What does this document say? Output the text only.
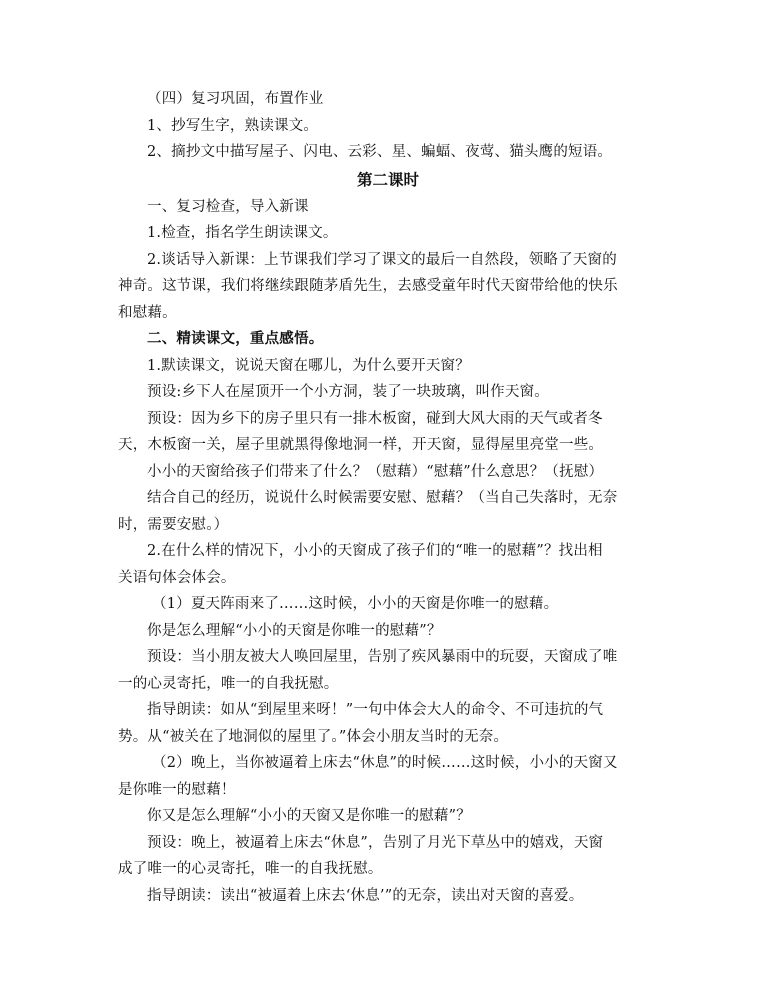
（四）复习巩固，布置作业
1、抄写生字，熟读课文。
2、摘抄文中描写屋子、闪电、云彩、星、蝙蝠、夜莺、猫头鹰的短语。
第二课时
一、复习检查，导入新课
1.检查，指名学生朗读课文。
2.谈话导入新课：上节课我们学习了课文的最后一自然段，领略了天窗的
神奇。这节课，我们将继续跟随茅盾先生，去感受童年时代天窗带给他的快乐
和慰藉。
二、精读课文，重点感悟。
1.默读课文，说说天窗在哪儿，为什么要开天窗？
预设:乡下人在屋顶开一个小方洞，装了一块玻璃，叫作天窗。
预设：因为乡下的房子里只有一排木板窗，碰到大风大雨的天气或者冬
天，木板窗一关，屋子里就黑得像地洞一样，开天窗，显得屋里亮堂一些。
小小的天窗给孩子们带来了什么？（慰藉）“慰藉”什么意思？（抚慰）
结合自己的经历，说说什么时候需要安慰、慰藉？（当自己失落时，无奈
时，需要安慰。）
2.在什么样的情况下，小小的天窗成了孩子们的“唯一的慰藉”？找出相
关语句体会体会。
（1）夏天阵雨来了……这时候，小小的天窗是你唯一的慰藉。
你是怎么理解“小小的天窗是你唯一的慰藉”？
预设：当小朋友被大人唤回屋里，告别了疾风暴雨中的玩耍，天窗成了唯
一的心灵寄托，唯一的自我抚慰。
指导朗读：如从“到屋里来呀！”一句中体会大人的命令、不可违抗的气
势。从“被关在了地洞似的屋里了。”体会小朋友当时的无奈。
（2）晚上，当你被逼着上床去“休息”的时候……这时候，小小的天窗又
是你唯一的慰藉！
你又是怎么理解“小小的天窗又是你唯一的慰藉”？
预设：晚上，被逼着上床去“休息”，告别了月光下草丛中的嬉戏，天窗
成了唯一的心灵寄托，唯一的自我抚慰。
指导朗读：读出“被逼着上床去‘休息’”的无奈，读出对天窗的喜爱。
